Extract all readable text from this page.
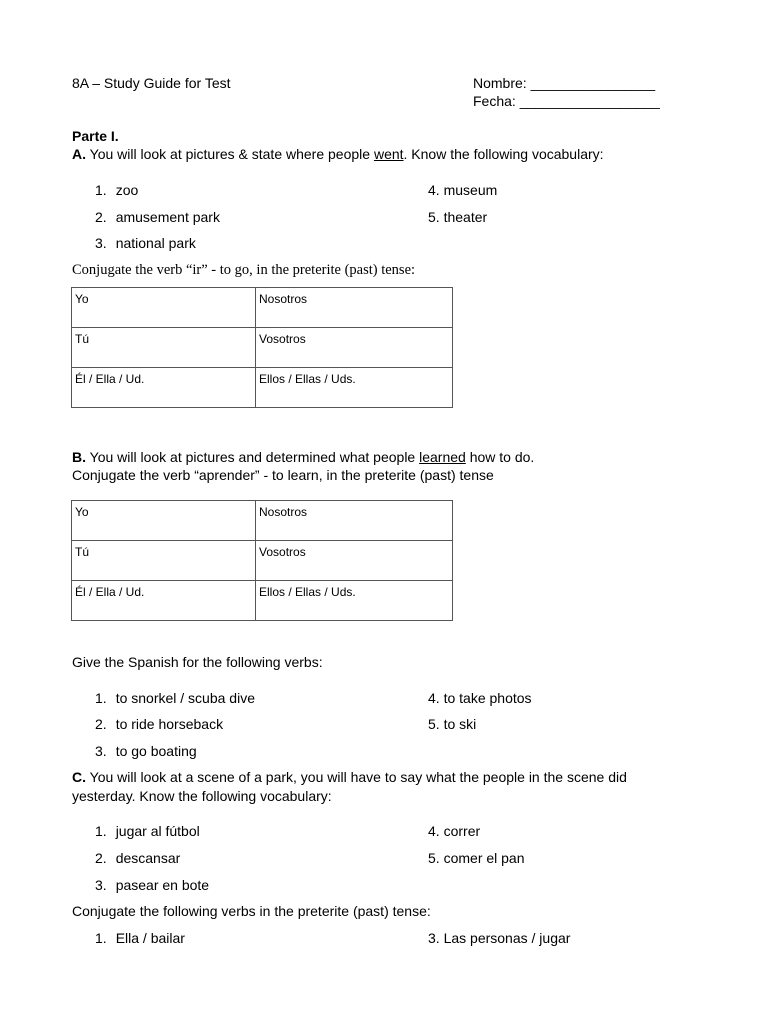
8A – Study Guide for Test	Nombre: ________________
Fecha: __________________
Parte I.
A. You will look at pictures & state where people went. Know the following vocabulary:
1. zoo
2. amusement park
3. national park
4. museum
5. theater
Conjugate the verb “ir” - to go, in the preterite (past) tense:
Yo	Nosotros
Tú	Vosotros
Él / Ella / Ud.	Ellos / Ellas / Uds.
B. You will look at pictures and determined what people learned how to do.
Conjugate the verb “aprender” - to learn, in the preterite (past) tense
Yo	Nosotros
Tú	Vosotros
Él / Ella / Ud.	Ellos / Ellas / Uds.
Give the Spanish for the following verbs:
1. to snorkel / scuba dive
2. to ride horseback
3. to go boating
4. to take photos
5. to ski
C. You will look at a scene of a park, you will have to say what the people in the scene did
yesterday. Know the following vocabulary:
1. jugar al fútbol
2. descansar
3. pasear en bote
4. correr
5. comer el pan
Conjugate the following verbs in the preterite (past) tense:
1. Ella / bailar	3. Las personas / jugar
